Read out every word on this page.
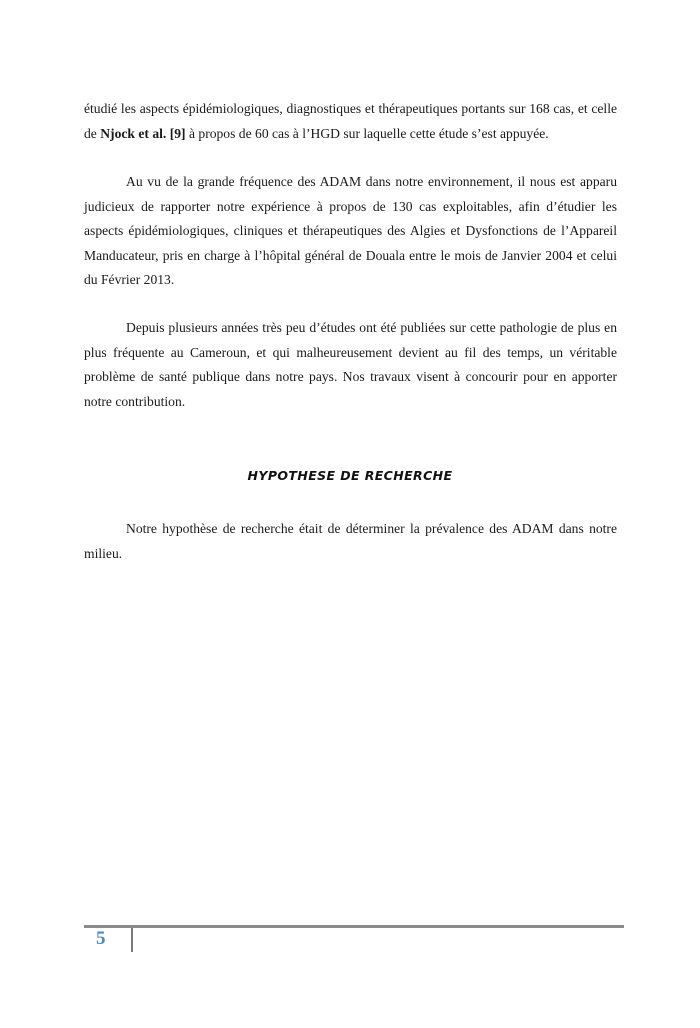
étudié les aspects épidémiologiques, diagnostiques et thérapeutiques portants sur 168 cas, et celle de Njock et al. [9] à propos de 60 cas à l’HGD sur laquelle cette étude s’est appuyée.

Au vu de la grande fréquence des ADAM dans notre environnement, il nous est apparu judicieux de rapporter notre expérience à propos de 130 cas exploitables, afin d’étudier les aspects épidémiologiques, cliniques et thérapeutiques des Algies et Dysfonctions de l’Appareil Manducateur, pris en charge à l’hôpital général de Douala entre le mois de Janvier 2004 et celui du Février 2013.

Depuis plusieurs années très peu d’études ont été publiées sur cette pathologie de plus en plus fréquente au Cameroun, et qui malheureusement devient au fil des temps, un véritable problème de santé publique dans notre pays. Nos travaux visent à concourir pour en apporter notre contribution.

HYPOTHESE DE RECHERCHE

Notre hypothèse de recherche était de déterminer la prévalence des ADAM dans notre milieu.

5
